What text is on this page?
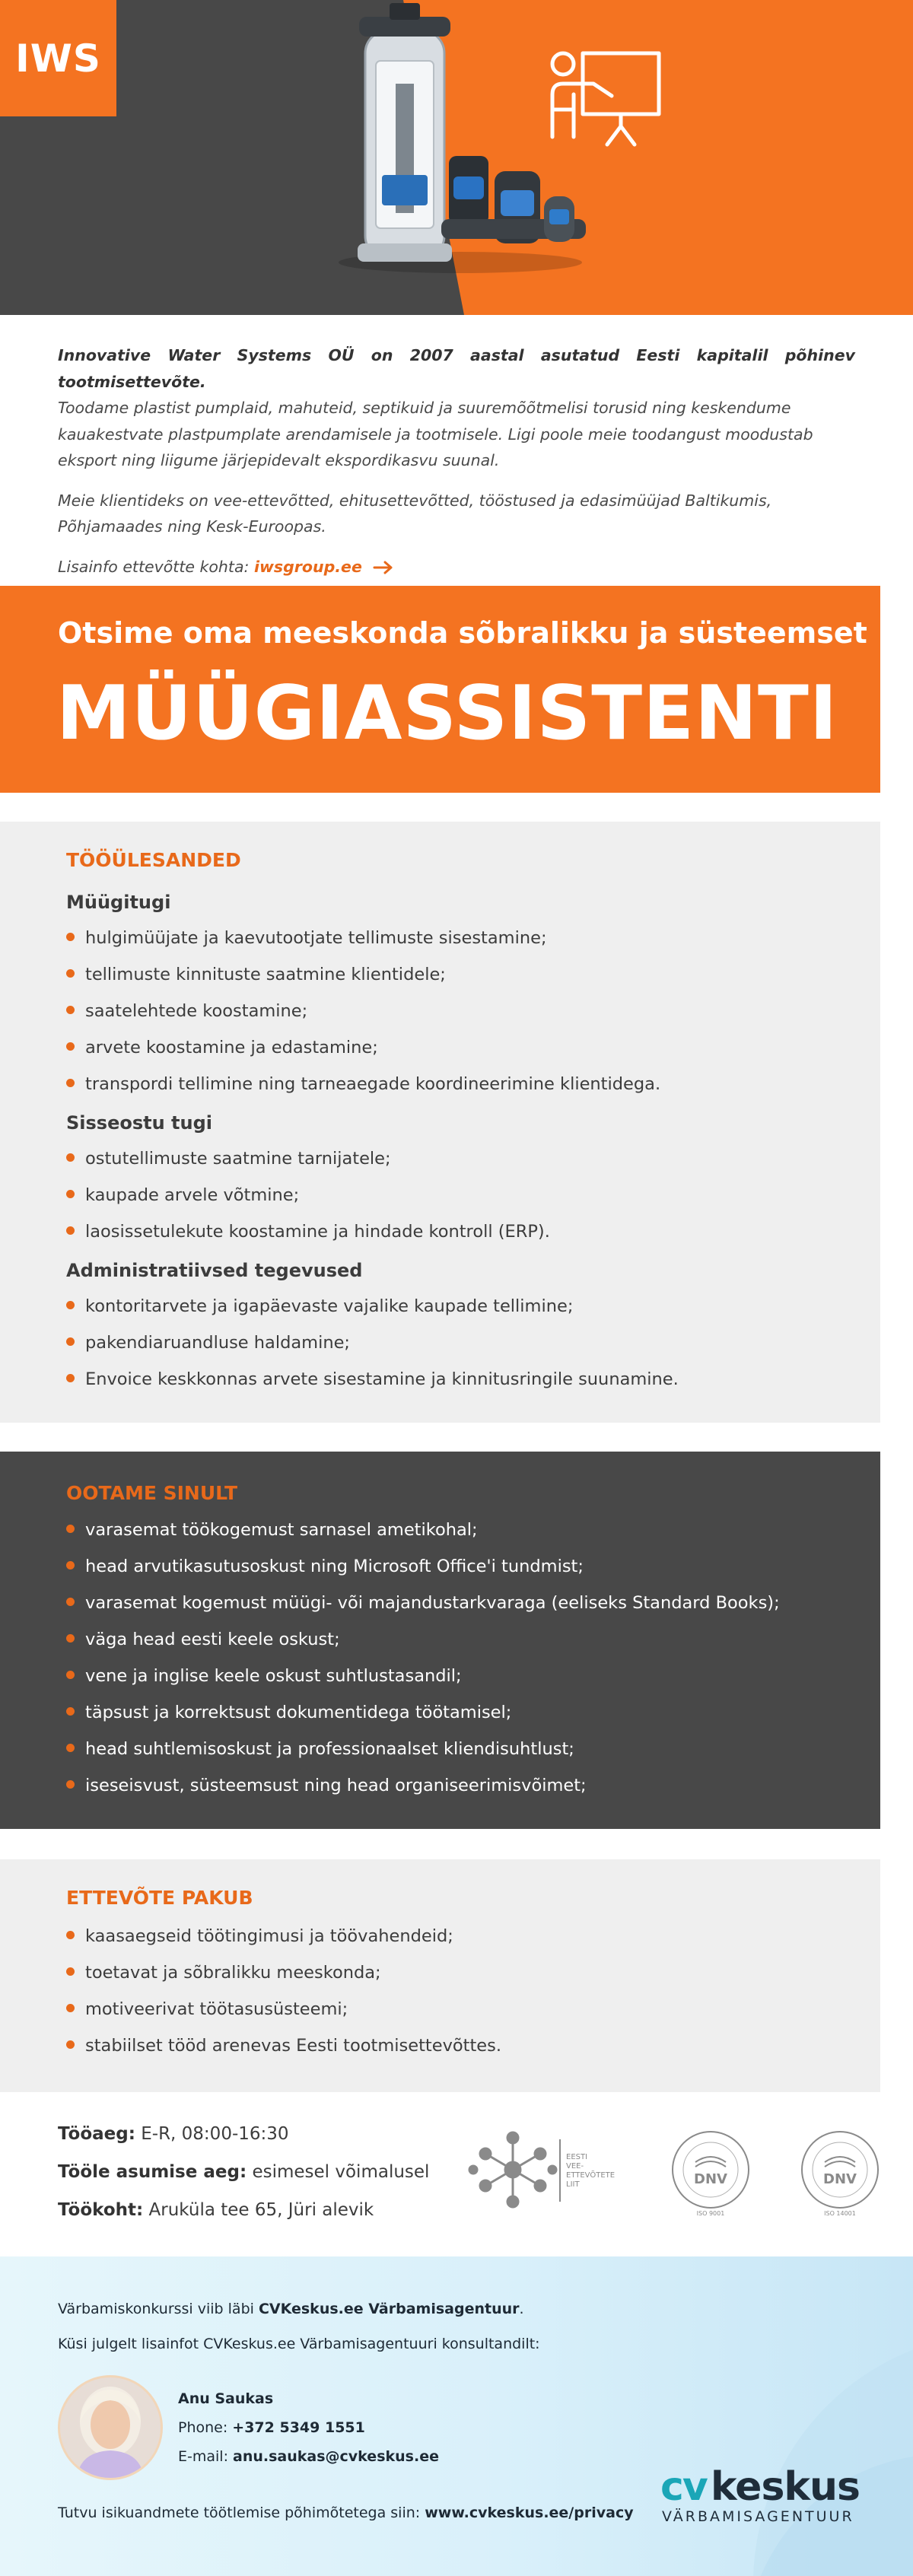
IWS

Innovative Water Systems OÜ on 2007 aastal asutatud Eesti kapitalil põhinev tootmisettevõte.
Toodame plastist pumplaid, mahuteid, septikuid ja suuremõõtmelisi torusid ning keskendume
kauakestvate plastpumplate arendamisele ja tootmisele. Ligi poole meie toodangust moodustab
eksport ning liigume järjepidevalt ekspordikasvu suunal.

Meie klientideks on vee-ettevõtted, ehitusettevõtted, tööstused ja edasimüüjad Baltikumis,
Põhjamaades ning Kesk-Euroopas.

Lisainfo ettevõtte kohta: iwsgroup.ee

Otsime oma meeskonda sõbralikku ja süsteemset
MÜÜGIASSISTENTI
TÖÖÜLESANDED
Müügitugi
hulgimüüjate ja kaevutootjate tellimuste sisestamine;
tellimuste kinnituste saatmine klientidele;
saatelehtede koostamine;
arvete koostamine ja edastamine;
transpordi tellimine ning tarneaegade koordineerimine klientidega.
Sisseostu tugi
ostutellimuste saatmine tarnijatele;
kaupade arvele võtmine;
laosissetulekute koostamine ja hindade kontroll (ERP).
Administratiivsed tegevused
kontoritarvete ja igapäevaste vajalike kaupade tellimine;
pakendiaruandluse haldamine;
Envoice keskkonnas arvete sisestamine ja kinnitusringile suunamine.
OOTAME SINULT
varasemat töökogemust sarnasel ametikohal;
head arvutikasutusoskust ning Microsoft Office'i tundmist;
varasemat kogemust müügi- või majandustarkvaraga (eeliseks Standard Books);
väga head eesti keele oskust;
vene ja inglise keele oskust suhtlustasandil;
täpsust ja korrektsust dokumentidega töötamisel;
head suhtlemisoskust ja professionaalset kliendisuhtlust;
iseseisvust, süsteemsust ning head organiseerimisvõimet;
ETTEVÕTE PAKUB
kaasaegseid töötingimusi ja töövahendeid;
toetavat ja sõbralikku meeskonda;
motiveerivat töötasusüsteemi;
stabiilset tööd arenevas Eesti tootmisettevõttes.
Tööaeg: E-R, 08:00-16:30
Tööle asumise aeg: esimesel võimalusel
Töökoht: Aruküla tee 65, Jüri alevik
EESTI
VEE-
ETTEVÕTETE
LIIT	DNV
ISO 9001
DNV
ISO 14001
Värbamiskonkurssi viib läbi CVKeskus.ee Värbamisagentuur.
Küsi julgelt lisainfot CVKeskus.ee Värbamisagentuuri konsultandilt:
Anu Saukas
Phone: +372 5349 1551
E-mail: anu.saukas@cvkeskus.ee
Tutvu isikuandmete töötlemise põhimõtetega siin: www.cvkeskus.ee/privacy
cv keskus
VÄRBAMISAGENTUUR
